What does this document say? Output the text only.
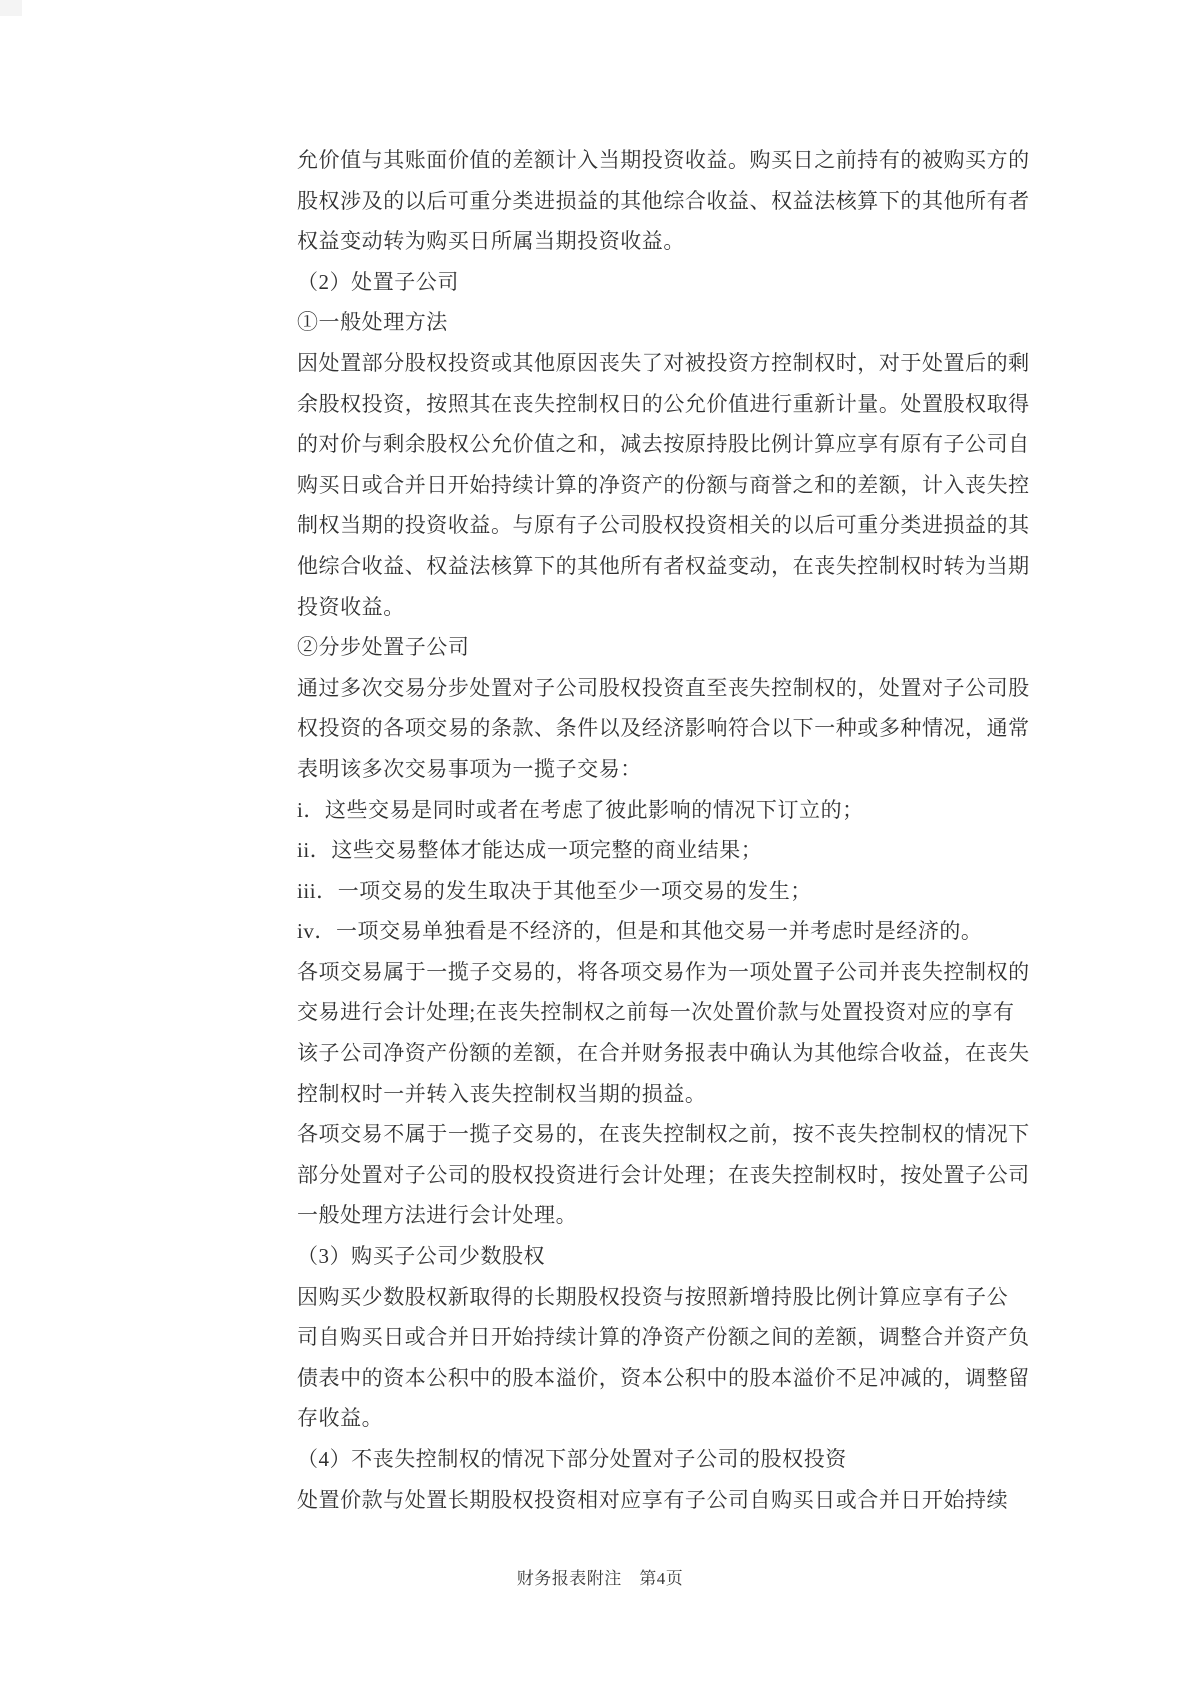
允价值与其账面价值的差额计入当期投资收益。购买日之前持有的被购买方的
股权涉及的以后可重分类进损益的其他综合收益、权益法核算下的其他所有者
权益变动转为购买日所属当期投资收益。
（2）处置子公司
①一般处理方法
因处置部分股权投资或其他原因丧失了对被投资方控制权时，对于处置后的剩
余股权投资，按照其在丧失控制权日的公允价值进行重新计量。处置股权取得
的对价与剩余股权公允价值之和，减去按原持股比例计算应享有原有子公司自
购买日或合并日开始持续计算的净资产的份额与商誉之和的差额，计入丧失控
制权当期的投资收益。与原有子公司股权投资相关的以后可重分类进损益的其
他综合收益、权益法核算下的其他所有者权益变动，在丧失控制权时转为当期
投资收益。
②分步处置子公司
通过多次交易分步处置对子公司股权投资直至丧失控制权的，处置对子公司股
权投资的各项交易的条款、条件以及经济影响符合以下一种或多种情况，通常
表明该多次交易事项为一揽子交易：
i．这些交易是同时或者在考虑了彼此影响的情况下订立的；
ii．这些交易整体才能达成一项完整的商业结果；
iii．一项交易的发生取决于其他至少一项交易的发生；
iv．一项交易单独看是不经济的，但是和其他交易一并考虑时是经济的。
各项交易属于一揽子交易的，将各项交易作为一项处置子公司并丧失控制权的
交易进行会计处理;在丧失控制权之前每一次处置价款与处置投资对应的享有
该子公司净资产份额的差额，在合并财务报表中确认为其他综合收益，在丧失
控制权时一并转入丧失控制权当期的损益。
各项交易不属于一揽子交易的，在丧失控制权之前，按不丧失控制权的情况下
部分处置对子公司的股权投资进行会计处理；在丧失控制权时，按处置子公司
一般处理方法进行会计处理。
（3）购买子公司少数股权
因购买少数股权新取得的长期股权投资与按照新增持股比例计算应享有子公
司自购买日或合并日开始持续计算的净资产份额之间的差额，调整合并资产负
债表中的资本公积中的股本溢价，资本公积中的股本溢价不足冲减的，调整留
存收益。
（4）不丧失控制权的情况下部分处置对子公司的股权投资
处置价款与处置长期股权投资相对应享有子公司自购买日或合并日开始持续
财务报表附注　第4页
